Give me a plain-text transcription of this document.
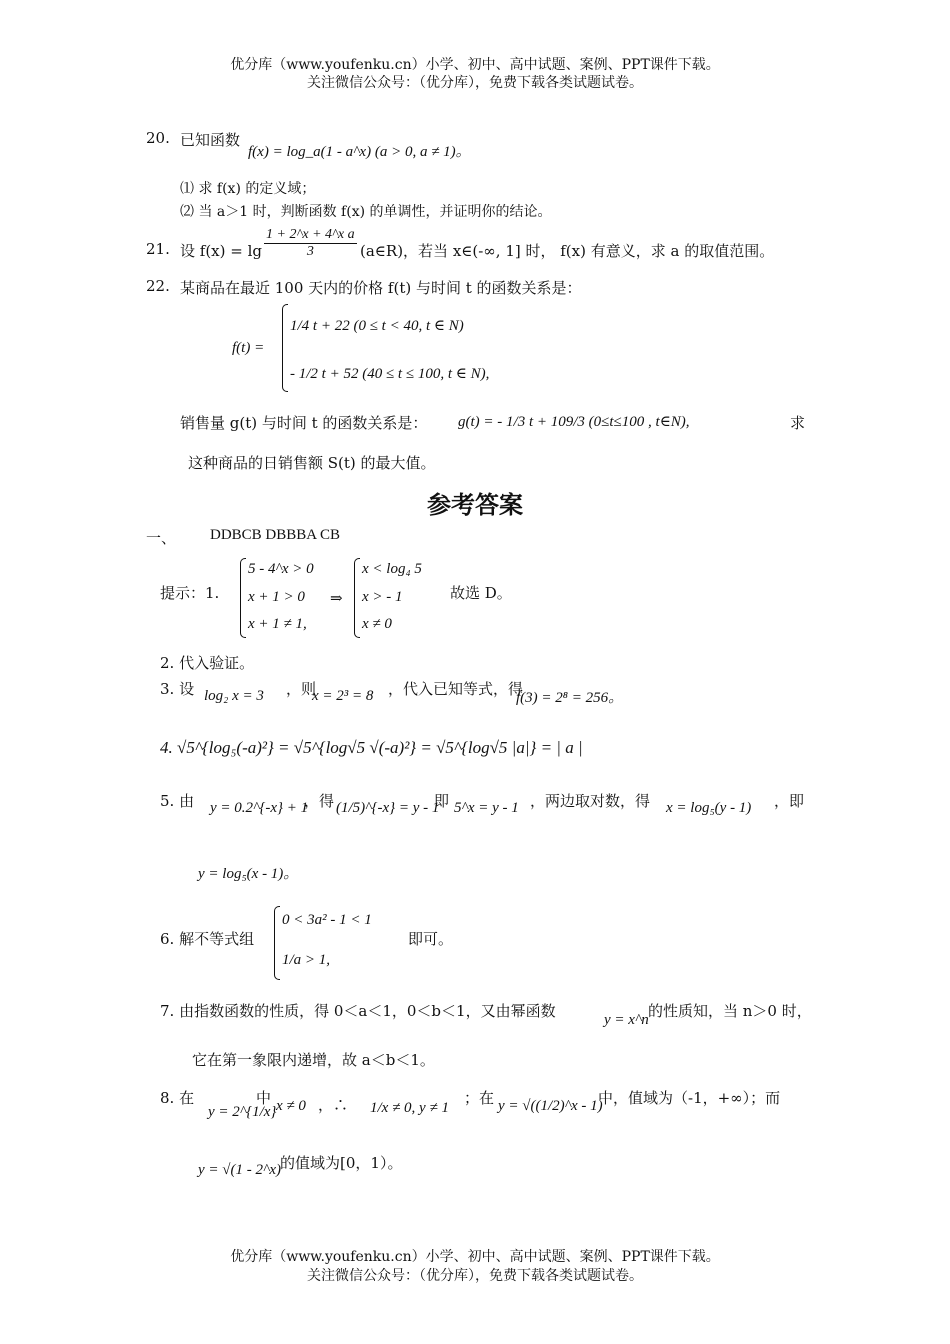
优分库（www.youfenku.cn）小学、初中、高中试题、案例、PPT课件下载。
关注微信公众号：（优分库），免费下载各类试题试卷。
20. 已知函数
f(x) = log_a(1 - a^x) (a > 0, a ≠ 1)。
⑴ 求 f(x) 的定义域；
⑵ 当 a＞1 时，判断函数 f(x) 的单调性，并证明你的结论。
21. 设 $f(x) = \lg \frac{\text{1 + 2\textasciicircum{}x + 4\textasciicircum{}x a}}{3}$ (a∈R)，若当 x∈(-∞, 1] 时， f(x) 有意义，求 a 的取值范围。
22. 某商品在最近 100 天内的价格 f(t) 与时间 t 的函数关系是：
f(t) =
1/4 t + 22 (0 ≤ t < 40, t ∈ N)
- 1/2 t + 52 (40 ≤ t ≤ 100, t ∈ N),
销售量 g(t) 与时间 t 的函数关系是： g(t) = - 1/3 t + 109/3 (0≤t≤100 , t∈N),	求
这种商品的日销售额 S(t) 的最大值。
参考答案
一、 DDBCB DBBBA CB
提示：1.
5 - 4^x > 0
x + 1 > 0
x + 1 ≠ 1,
⇒
x < log₄ 5
x > - 1
x ≠ 0
故选 D。
2. 代入验证。
3. 设 log₂ x = 3 ，则
x = 2³ = 8 ，代入已知等式，得
f(3) = 2⁸ = 256。
4. √5^{log₅(-a)²} = √5^{log√5 √(-a)²} = √5^{log√5 |a|} = | a |
5. 由 y = 0.2^{-x} + 1
，得 (1/5)^{-x} = y - 1
即 5^x = y - 1 ，两边取对数，得 x = log₅(y - 1) ，即
y = log₅(x - 1)。
6. 解不等式组
0 < 3a² - 1 < 1
1/a > 1,
即可。
7. 由指数函数的性质，得 0＜a＜1，0＜b＜1，又由幂函数	y = x^n 的性质知，当 n＞0 时，
它在第一象限内递增，故 a＜b＜1。
8. 在
y = 2^{1/x}
中 x ≠ 0 ，∴ 1/x ≠ 0, y ≠ 1
；在 y = √((1/2)^x - 1)
中，值域为（-1，+∞）；而
y = √(1 - 2^x) 的值域为[0，1）。
优分库（www.youfenku.cn）小学、初中、高中试题、案例、PPT课件下载。
关注微信公众号：（优分库），免费下载各类试题试卷。
